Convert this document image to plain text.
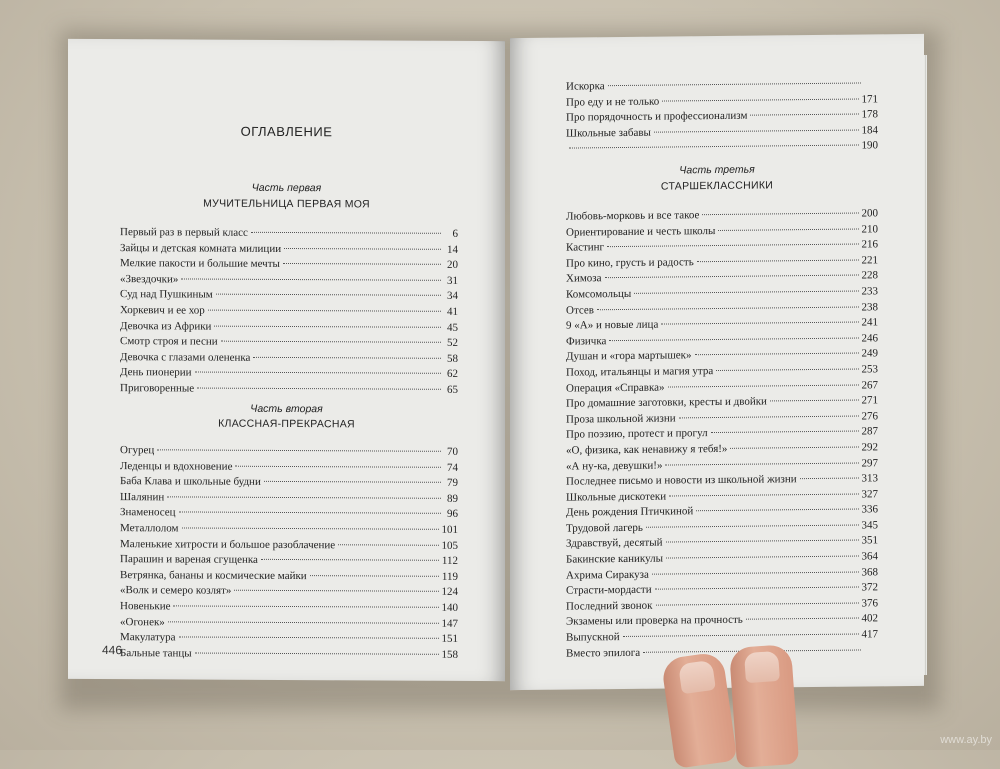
ОГЛАВЛЕНИЕ
Часть первая
МУЧИТЕЛЬНИЦА ПЕРВАЯ МОЯ
Первый раз в первый класс	6
Зайцы и детская комната милиции	14
Мелкие пакости и большие мечты	20
«Звездочки»	31
Суд над Пушкиным	34
Хоркевич и ее хор	41
Девочка из Африки	45
Смотр строя и песни	52
Девочка с глазами олененка	58
День пионерии	62
Приговоренные	65
Часть вторая
КЛАССНАЯ-ПРЕКРАСНАЯ
Огурец	70
Леденцы и вдохновение	74
Баба Клава и школьные будни	79
Шалянин	89
Знаменосец	96
Металлолом	101
Маленькие хитрости и большое разоблачение	105
Парашин и вареная сгущенка	112
Ветрянка, бананы и космические майки	119
«Волк и семеро козлят»	124
Новенькие	140
«Огонек»	147
Макулатура	151
Бальные танцы	158
446
Искорка
Про еду и не только	171
Про порядочность и профессионализм	178
Школьные забавы	184
190
Часть третья
СТАРШЕКЛАССНИКИ
Любовь-морковь и все такое	200
Ориентирование и честь школы	210
Кастинг	216
Про кино, грусть и радость	221
Химоза	228
Комсомольцы	233
Отсев	238
9 «А» и новые лица	241
Физичка	246
Душан и «гора мартышек»	249
Поход, итальянцы и магия утра	253
Операция «Справка»	267
Про домашние заготовки, кресты и двойки	271
Проза школьной жизни	276
Про поэзию, протест и прогул	287
«О, физика, как ненавижу я тебя!»	292
«А ну-ка, девушки!»	297
Последнее письмо и новости из школьной жизни	313
Школьные дискотеки	327
День рождения Птичкиной	336
Трудовой лагерь	345
Здравствуй, десятый	351
Бакинские каникулы	364
Ахрима Сиракуза	368
Страсти-мордасти	372
Последний звонок	376
Экзамены или проверка на прочность	402
Выпускной	417
Вместо эпилога
www.ay.by
